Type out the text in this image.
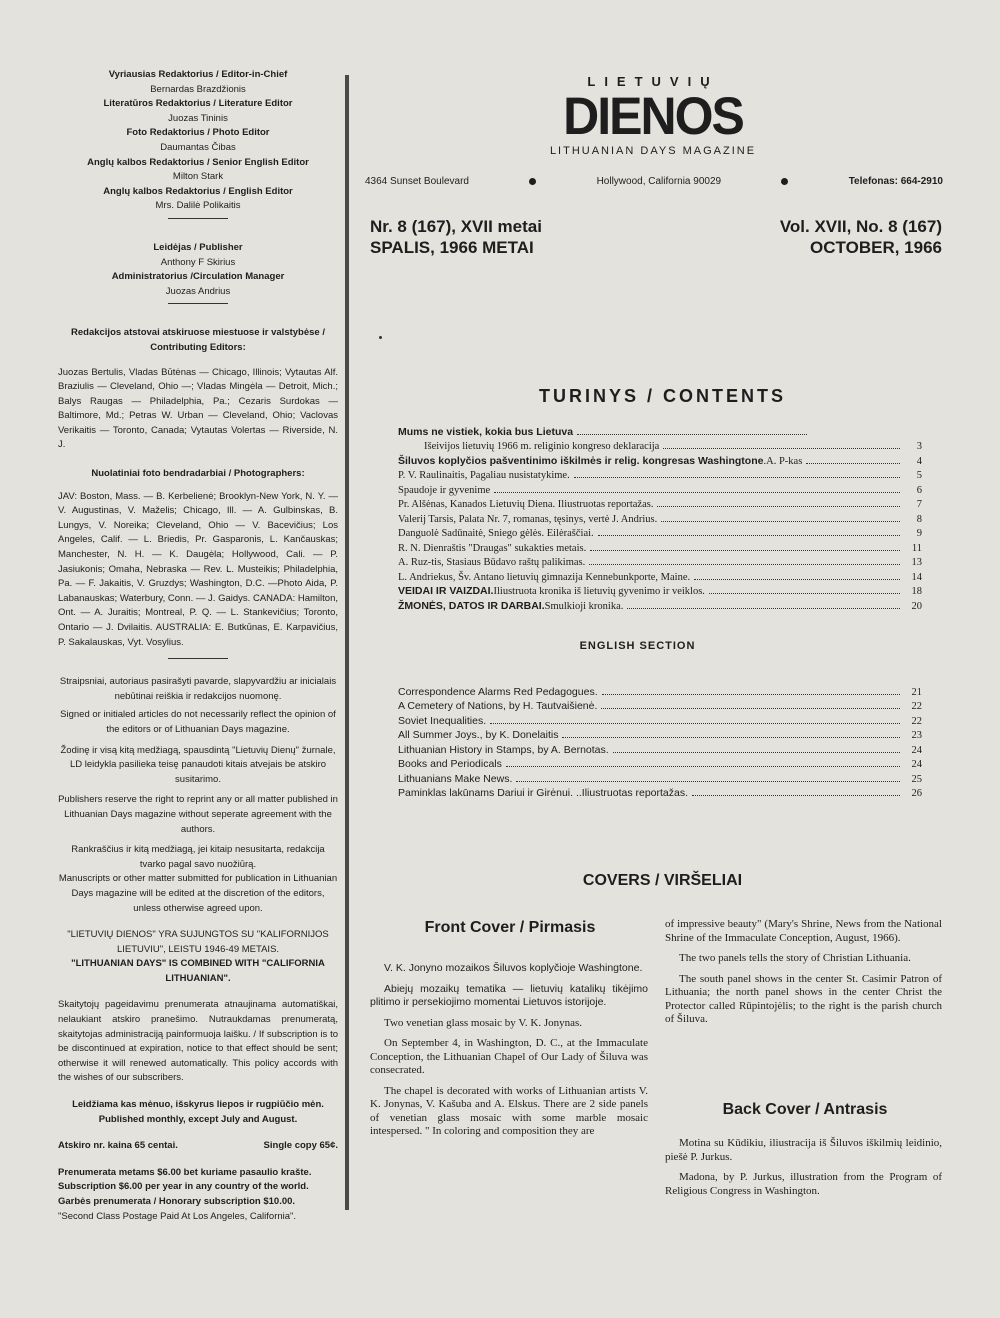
Vyriausias Redaktorius / Editor-in-Chief
Bernardas Brazdžionis
Literatūros Redaktorius / Literature Editor
Juozas Tininis
Foto Redaktorius / Photo Editor
Daumantas Čibas
Anglų kalbos Redaktorius / Senior English Editor
Milton Stark
Anglų kalbos Redaktorius / English Editor
Mrs. Dalilė Polikaitis
Leidėjas / Publisher
Anthony F Skirius
Administratorius /Circulation Manager
Juozas Andrius

Redakcijos atstovai atskiruose miestuose ir valstybėse / Contributing Editors:

Juozas Bertulis, Vladas Būtėnas — Chicago, Illinois; Vytautas Alf. Braziulis — Cleveland, Ohio —; Vladas Mingėla — Detroit, Mich.; Balys Raugas — Philadelphia, Pa.; Cezaris Surdokas — Baltimore, Md.; Petras W. Urban — Cleveland, Ohio; Vaclovas Verikaitis — Toronto, Canada; Vytautas Volertas — Riverside, N. J.

Nuolatiniai foto bendradarbiai / Photographers:

JAV: Boston, Mass. — B. Kerbelienė; Brooklyn-New York, N. Y. — V. Augustinas, V. Maželis; Chicago, Ill. — A. Gulbinskas, B. Lungys, V. Noreika; Cleveland, Ohio — V. Bacevičius; Los Angeles, Calif. — L. Briedis, Pr. Gasparonis, L. Kančauskas; Manchester, N. H. — K. Daugėla; Hollywood, Cali. — P. Jasiukonis; Omaha, Nebraska — Rev. L. Musteikis; Philadelphia, Pa. — F. Jakaitis, V. Gruzdys; Washington, D.C. —Photo Aida, P. Labanauskas; Waterbury, Conn. — J. Gaidys. CANADA: Hamilton, Ont. — A. Juraitis; Montreal, P. Q. — L. Stankevičius; Toronto, Ontario — J. Dvilaitis. AUSTRALIA: E. Butkūnas, E. Karpavičius, P. Sakalauskas, Vyt. Vosylius.

Straipsniai, autoriaus pasirašyti pavarde, slapyvardžiu ar inicialais nebūtinai reiškia ir redakcijos nuomonę.

Signed or initialed articles do not necessarily reflect the opinion of the editors or of Lithuanian Days magazine.

Žodinę ir visą kitą medžiagą, spausdintą "Lietuvių Dienų" žurnale, LD leidykla pasilieka teisę panaudoti kitais atvejais be atskiro susitarimo.

Publishers reserve the right to reprint any or all matter published in Lithuanian Days magazine without seperate agreement with the authors.

Rankraščius ir kitą medžiagą, jei kitaip nesusitarta, redakcija tvarko pagal savo nuožiūrą.

Manuscripts or other matter submitted for publication in Lithuanian Days magazine will be edited at the discretion of the editors, unless otherwise agreed upon.

"LIETUVIŲ DIENOS" YRA SUJUNGTOS SU "KALIFORNIJOS LIETUVIU", LEISTU 1946-49 METAIS.

"LITHUANIAN DAYS" IS COMBINED WITH "CALIFORNIA LITHUANIAN".

Skaitytojų pageidavimu prenumerata atnaujinama automatiškai, nelaukiant atskiro pranešimo. Nutraukdamas prenumeratą, skaitytojas administraciją painformuoja laišku. / If subscription is to be discontinued at expiration, notice to that effect should be sent; otherwise it will renewed automatically. This policy accords with the wishes of our subscribers.

Leidžiama kas mėnuo, išskyrus liepos ir rugpiūčio mėn.

Published monthly, except July and August.

Atskiro nr. kaina 65 centai.	Single copy 65¢.

Prenumerata metams $6.00 bet kuriame pasaulio krašte.

Subscription $6.00 per year in any country of the world.

Garbės prenumerata / Honorary subscription $10.00.

"Second Class Postage Paid At Los Angeles, California".

LIETUVIŲ
DIENOS
LITHUANIAN DAYS MAGAZINE
4364 Sunset Boulevard	Hollywood, California 90029	Telefonas: 664-2910
Nr. 8 (167), XVII metai
SPALIS, 1966 METAI
Vol. XVII, No. 8 (167)
OCTOBER, 1966
TURINYS / CONTENTS
Mums ne vistiek, kokia bus Lietuva
Išeivijos lietuvių 1966 m. religinio kongreso deklaracija	3
Šiluvos koplyčios pašventinimo iškilmės ir relig. kongresas Washingtone .A. P-kas	4
P. V. Raulinaitis, Pagaliau nusistatykime.	5
Spaudoje ir gyvenime	6
Pr. Alšėnas, Kanados Lietuvių Diena. Iliustruotas reportažas.	7
Valerij Tarsis, Palata Nr. 7, romanas, tęsinys, vertė J. Andrius.	8
Danguolė Sadūnaitė, Sniego gėlės. Eilėraščiai.	9
R. N. Dienraštis "Draugas" sukakties metais.	11
A. Ruz-tis, Stasiaus Būdavo raštų palikimas.	13
L. Andriekus, Šv. Antano lietuvių gimnazija Kennebunkporte, Maine.	14
VEIDAI IR VAIZDAI. Iliustruota kronika iš lietuvių gyvenimo ir veiklos.	18
ŽMONĖS, DATOS IR DARBAI. Smulkioji kronika.	20
ENGLISH SECTION
Correspondence Alarms Red Pedagogues.	21
A Cemetery of Nations, by H. Tautvaišienė.	22
Soviet Inequalities.	22
All Summer Joys., by K. Donelaitis	23
Lithuanian History in Stamps, by A. Bernotas.	24
Books and Periodicals	24
Lithuanians Make News.	25
Paminklas lakūnams Dariui ir Girėnui. ..Iliustruotas reportažas.	26
COVERS / VIRŠELIAI
Front Cover / Pirmasis

V. K. Jonyno mozaikos Šiluvos koplyčioje Washingtone.

Abiejų mozaikų tematika — lietuvių katalikų tikėjimo plitimo ir persekiojimo momentai Lietuvos istorijoje.

Two venetian glass mosaic by V. K. Jonynas.

On September 4, in Washington, D. C., at the Immaculate Conception, the Lithuanian Chapel of Our Lady of Šiluva was consecrated.

The chapel is decorated with works of Lithuanian artists V. K. Jonynas, V. Kašuba and A. Elskus. There are 2 side panels of venetian glass mosaic with some marble mosaic intespersed. " In coloring and composition they are

of impressive beauty" (Mary's Shrine, News from the National Shrine of the Immaculate Conception, August, 1966).

The two panels tells the story of Christian Lithuania.

The south panel shows in the center St. Casimir Patron of Lithuania; the north panel shows in the center Christ the Protector called Rūpintojėlis; to the right is the parish church of Šiluva.

Back Cover / Antrasis

Motina su Kūdikiu, iliustracija iš Šiluvos iškilmių leidinio, piešė P. Jurkus.

Madona, by P. Jurkus, illustration from the Program of Religious Congress in Washington.
